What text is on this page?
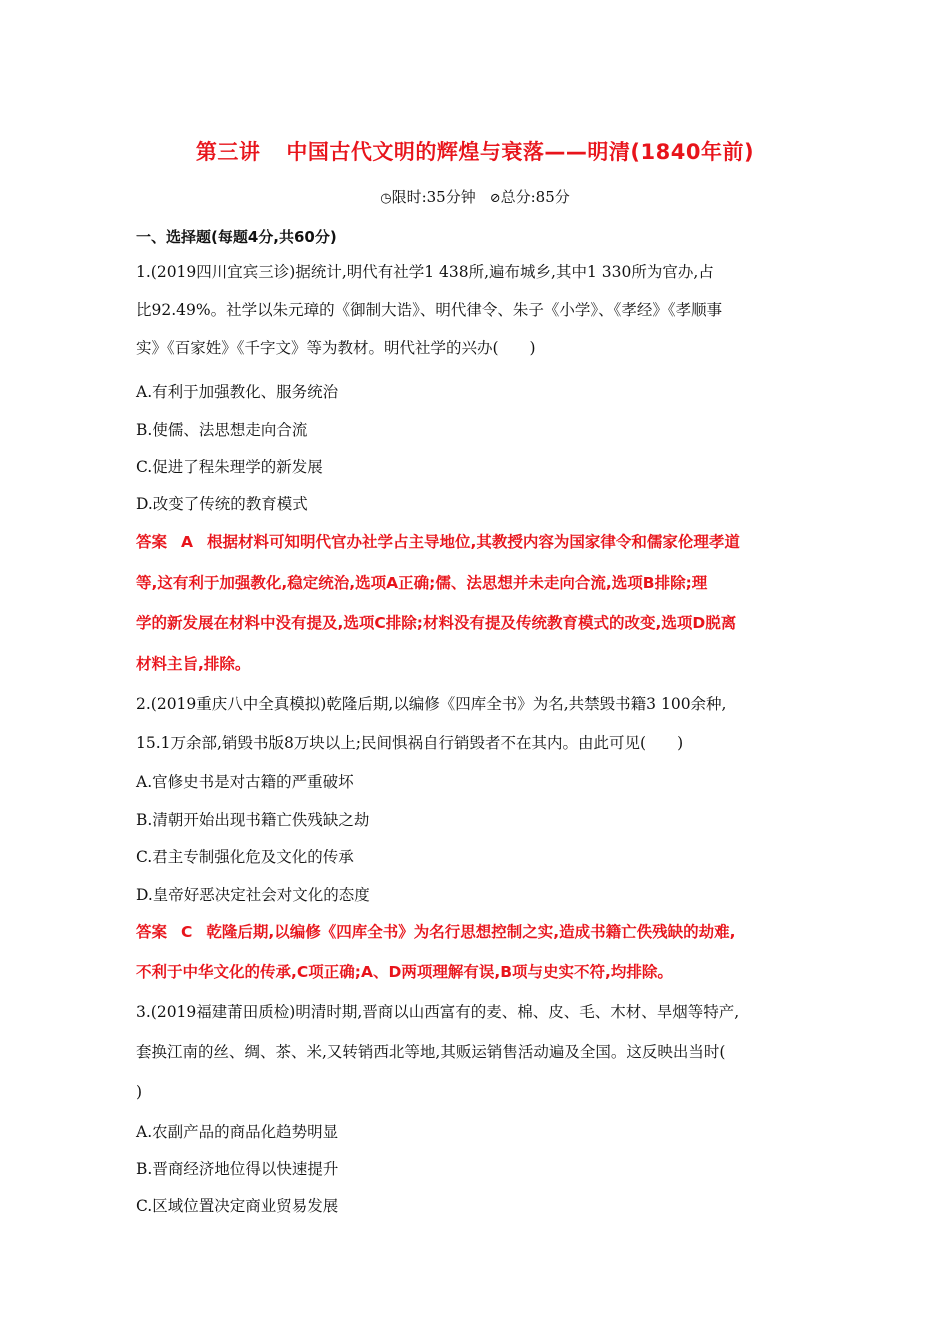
第三讲 中国古代文明的辉煌与衰落——明清(1840年前)
◷限时:35分钟 ⊘总分:85分
一、选择题(每题4分,共60分)
1.(2019四川宜宾三诊)据统计,明代有社学1 438所,遍布城乡,其中1 330所为官办,占
比92.49%。社学以朱元璋的《御制大诰》、明代律令、朱子《小学》、《孝经》《孝顺事
实》《百家姓》《千字文》等为教材。明代社学的兴办(　　)
A.有利于加强教化、服务统治
B.使儒、法思想走向合流
C.促进了程朱理学的新发展
D.改变了传统的教育模式
答案 A 根据材料可知明代官办社学占主导地位,其教授内容为国家律令和儒家伦理孝道
等,这有利于加强教化,稳定统治,选项A正确;儒、法思想并未走向合流,选项B排除;理
学的新发展在材料中没有提及,选项C排除;材料没有提及传统教育模式的改变,选项D脱离
材料主旨,排除。
2.(2019重庆八中全真模拟)乾隆后期,以编修《四库全书》为名,共禁毁书籍3 100余种,
15.1万余部,销毁书版8万块以上;民间惧祸自行销毁者不在其内。由此可见(　　)
A.官修史书是对古籍的严重破坏
B.清朝开始出现书籍亡佚残缺之劫
C.君主专制强化危及文化的传承
D.皇帝好恶决定社会对文化的态度
答案 C 乾隆后期,以编修《四库全书》为名行思想控制之实,造成书籍亡佚残缺的劫难,
不利于中华文化的传承,C项正确;A、D两项理解有误,B项与史实不符,均排除。
3.(2019福建莆田质检)明清时期,晋商以山西富有的麦、棉、皮、毛、木材、旱烟等特产,
套换江南的丝、绸、茶、米,又转销西北等地,其贩运销售活动遍及全国。这反映出当时(
)
A.农副产品的商品化趋势明显
B.晋商经济地位得以快速提升
C.区域位置决定商业贸易发展
